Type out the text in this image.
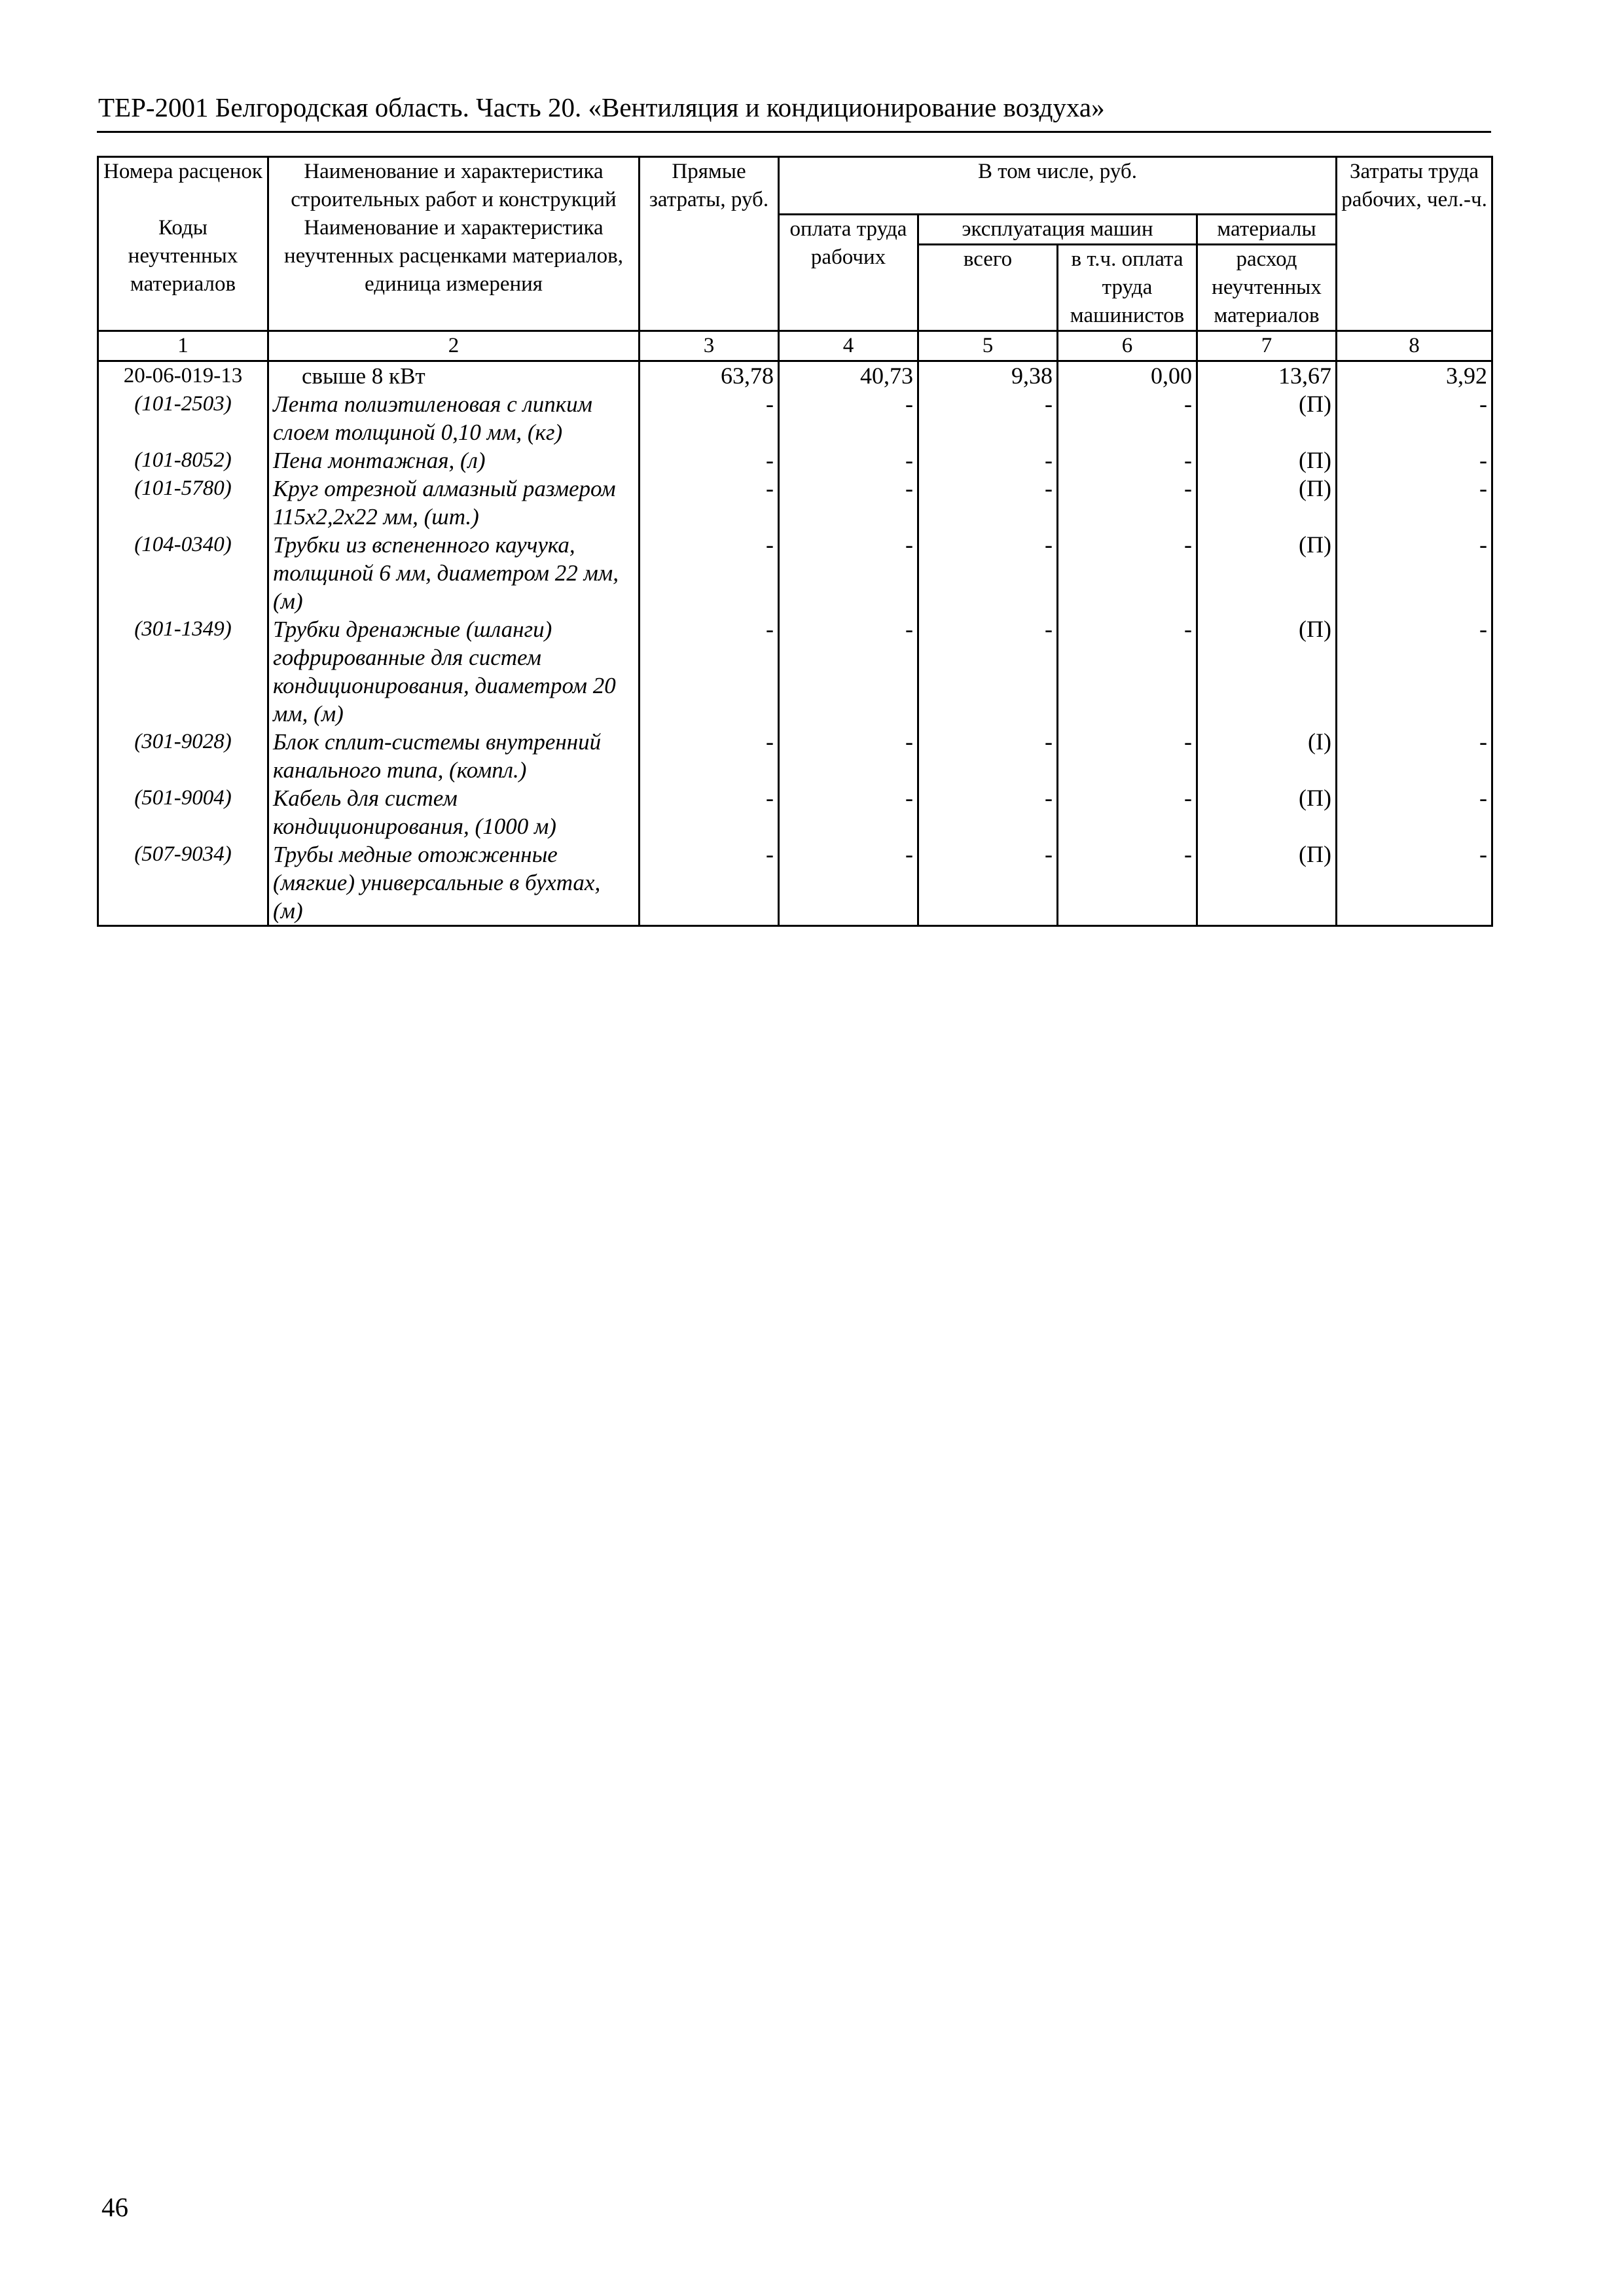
ТЕР-2001 Белгородская область. Часть 20. «Вентиляция и кондиционирование воздуха»
Номера расценок	Наименование и характеристика строительных работ и конструкций	Прямые затраты, руб.	В том числе, руб.				Затраты труда рабочих, чел.-ч.
Коды неучтенных материалов	Наименование и характеристика неучтенных расценками материалов, единица измерения		оплата труда рабочих	эксплуатация машин		материалы	
				всего	в т.ч. оплата труда машинистов	расход неучтенных материалов	
1	2	3	4	5	6	7	8
20-06-019-13	свыше 8 кВт	63,78	40,73	9,38	0,00	13,67	3,92
(101-2503)	Лента полиэтиленовая с липким слоем толщиной 0,10 мм, (кг)	-	-	-	-	(П)	-
(101-8052)	Пена монтажная, (л)	-	-	-	-	(П)	-
(101-5780)	Круг отрезной алмазный размером 115х2,2х22 мм, (шт.)	-	-	-	-	(П)	-
(104-0340)	Трубки из вспененного каучука, толщиной 6 мм, диаметром 22 мм, (м)	-	-	-	-	(П)	-
(301-1349)	Трубки дренажные (шланги) гофрированные для систем кондиционирования, диаметром 20 мм, (м)	-	-	-	-	(П)	-
(301-9028)	Блок сплит-системы внутренний канального типа, (компл.)	-	-	-	-	(I)	-
(501-9004)	Кабель для систем кондиционирования, (1000 м)	-	-	-	-	(П)	-
(507-9034)	Трубы медные отожженные (мягкие) универсальные в бухтах, (м)	-	-	-	-	(П)	-
46
